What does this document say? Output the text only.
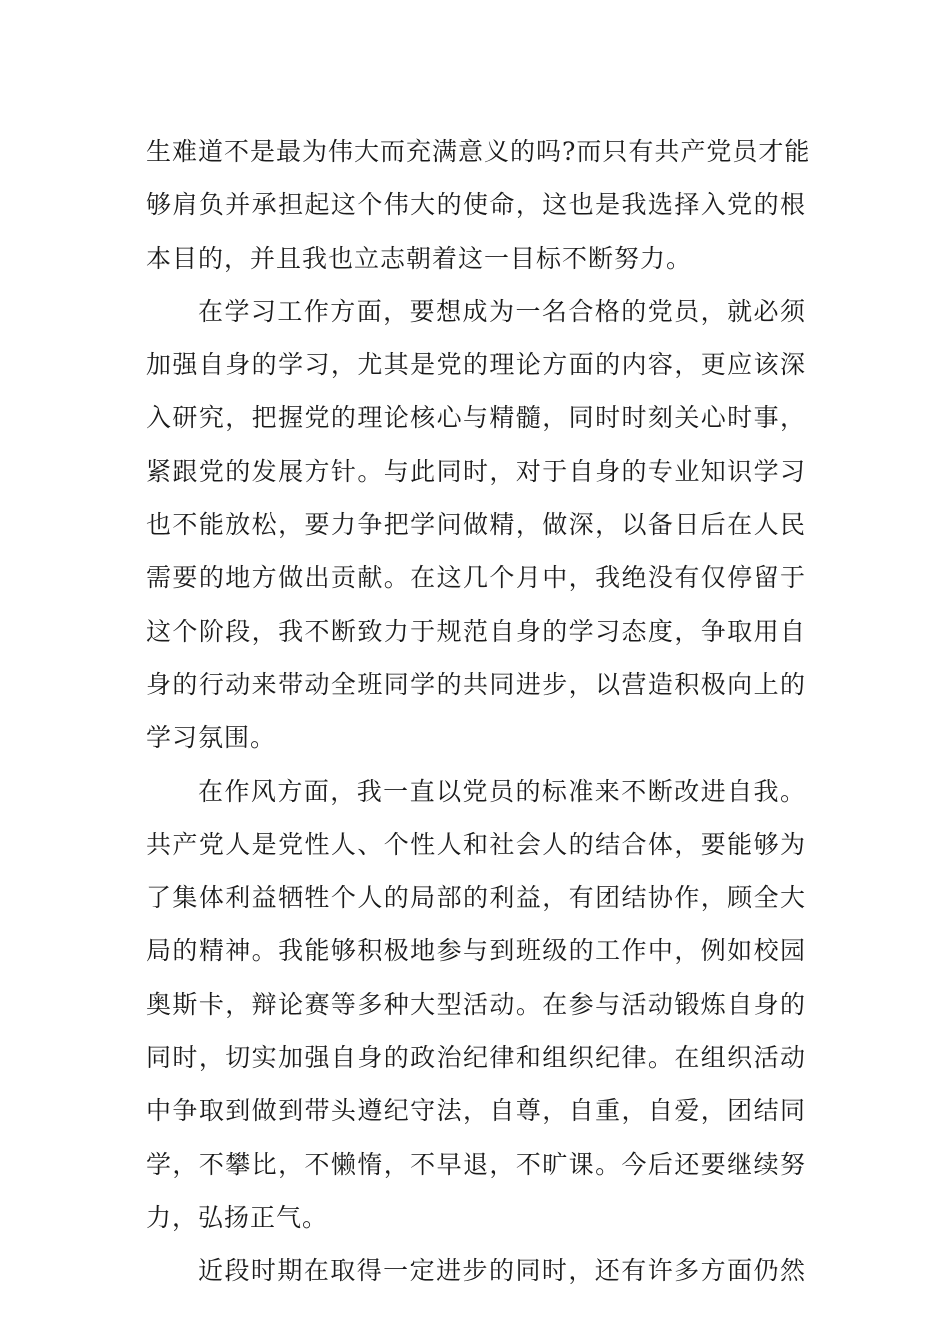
生难道不是最为伟大而充满意义的吗?而只有共产党员才能
够肩负并承担起这个伟大的使命，这也是我选择入党的根
本目的，并且我也立志朝着这一目标不断努力。
在学习工作方面，要想成为一名合格的党员，就必须
加强自身的学习，尤其是党的理论方面的内容，更应该深
入研究，把握党的理论核心与精髓，同时时刻关心时事，
紧跟党的发展方针。与此同时，对于自身的专业知识学习
也不能放松，要力争把学问做精，做深，以备日后在人民
需要的地方做出贡献。在这几个月中，我绝没有仅停留于
这个阶段，我不断致力于规范自身的学习态度，争取用自
身的行动来带动全班同学的共同进步，以营造积极向上的
学习氛围。
在作风方面，我一直以党员的标准来不断改进自我。
共产党人是党性人、个性人和社会人的结合体，要能够为
了集体利益牺牲个人的局部的利益，有团结协作，顾全大
局的精神。我能够积极地参与到班级的工作中，例如校园
奥斯卡，辩论赛等多种大型活动。在参与活动锻炼自身的
同时，切实加强自身的政治纪律和组织纪律。在组织活动
中争取到做到带头遵纪守法，自尊，自重，自爱，团结同
学，不攀比，不懒惰，不早退，不旷课。今后还要继续努
力，弘扬正气。
近段时期在取得一定进步的同时，还有许多方面仍然
